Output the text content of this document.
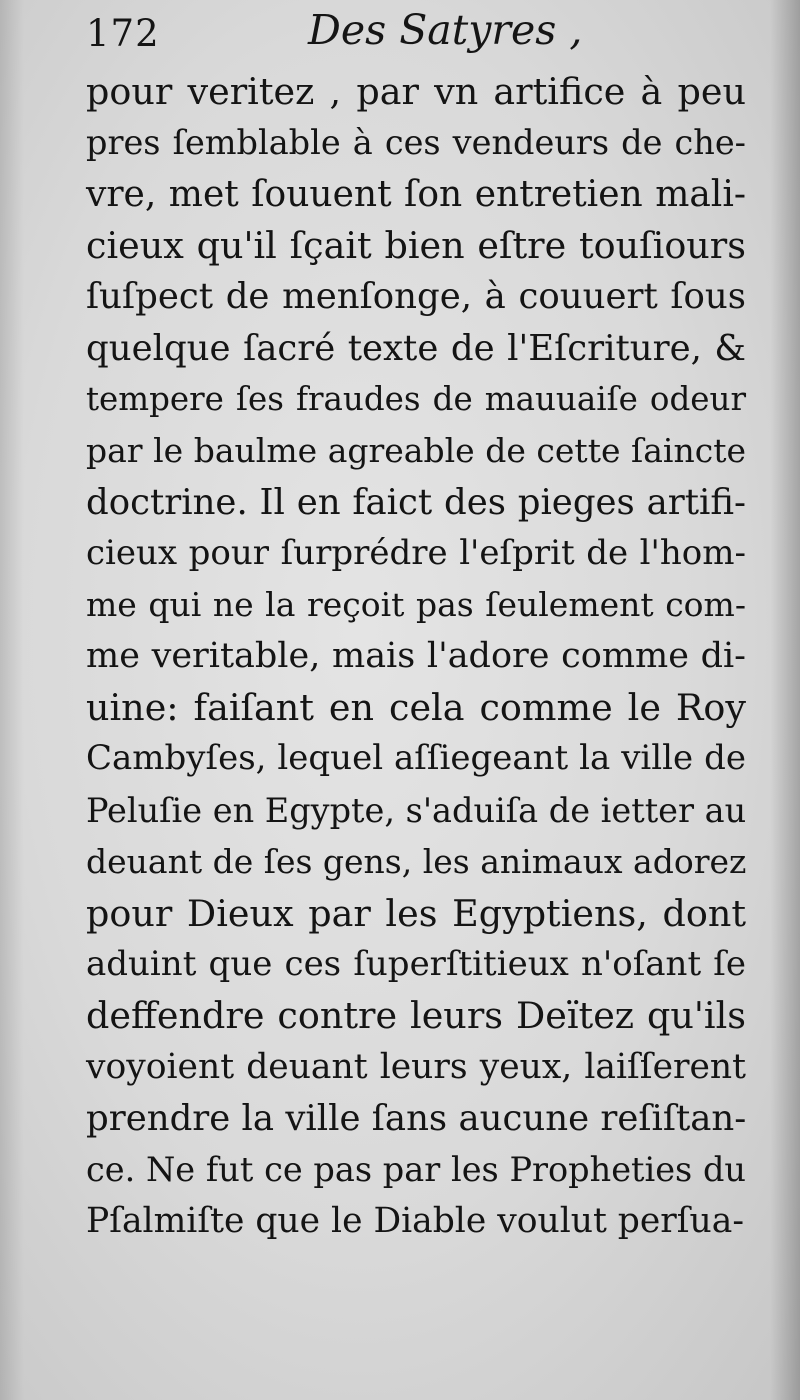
172	Des Satyres ,
pour veritez , par vn artifice à peu
pres ſemblable à ces vendeurs de che-
vre, met ſouuent ſon entretien mali-
cieux qu'il ſçait bien eſtre touſiours
ſuſpect de menſonge, à couuert ſous
quelque ſacré texte de l'Eſcriture, &
tempere ſes fraudes de mauuaiſe odeur
par le baulme agreable de cette ſaincte
doctrine. Il en faict des pieges artifi-
cieux pour ſurprédre l'eſprit de l'hom-
me qui ne la reçoit pas ſeulement com-
me veritable, mais l'adore comme di-
uine: faiſant en cela comme le Roy
Cambyſes, lequel aſſiegeant la ville de
Peluſie en Egypte, s'aduiſa de ietter au
deuant de ſes gens, les animaux adorez
pour Dieux par les Egyptiens, dont
aduint que ces ſuperſtitieux n'oſant ſe
deffendre contre leurs Deïtez qu'ils
voyoient deuant leurs yeux, laiſſerent
prendre la ville ſans aucune reſiſtan-
ce. Ne fut ce pas par les Propheties du
Pſalmiſte que le Diable voulut perſua-
